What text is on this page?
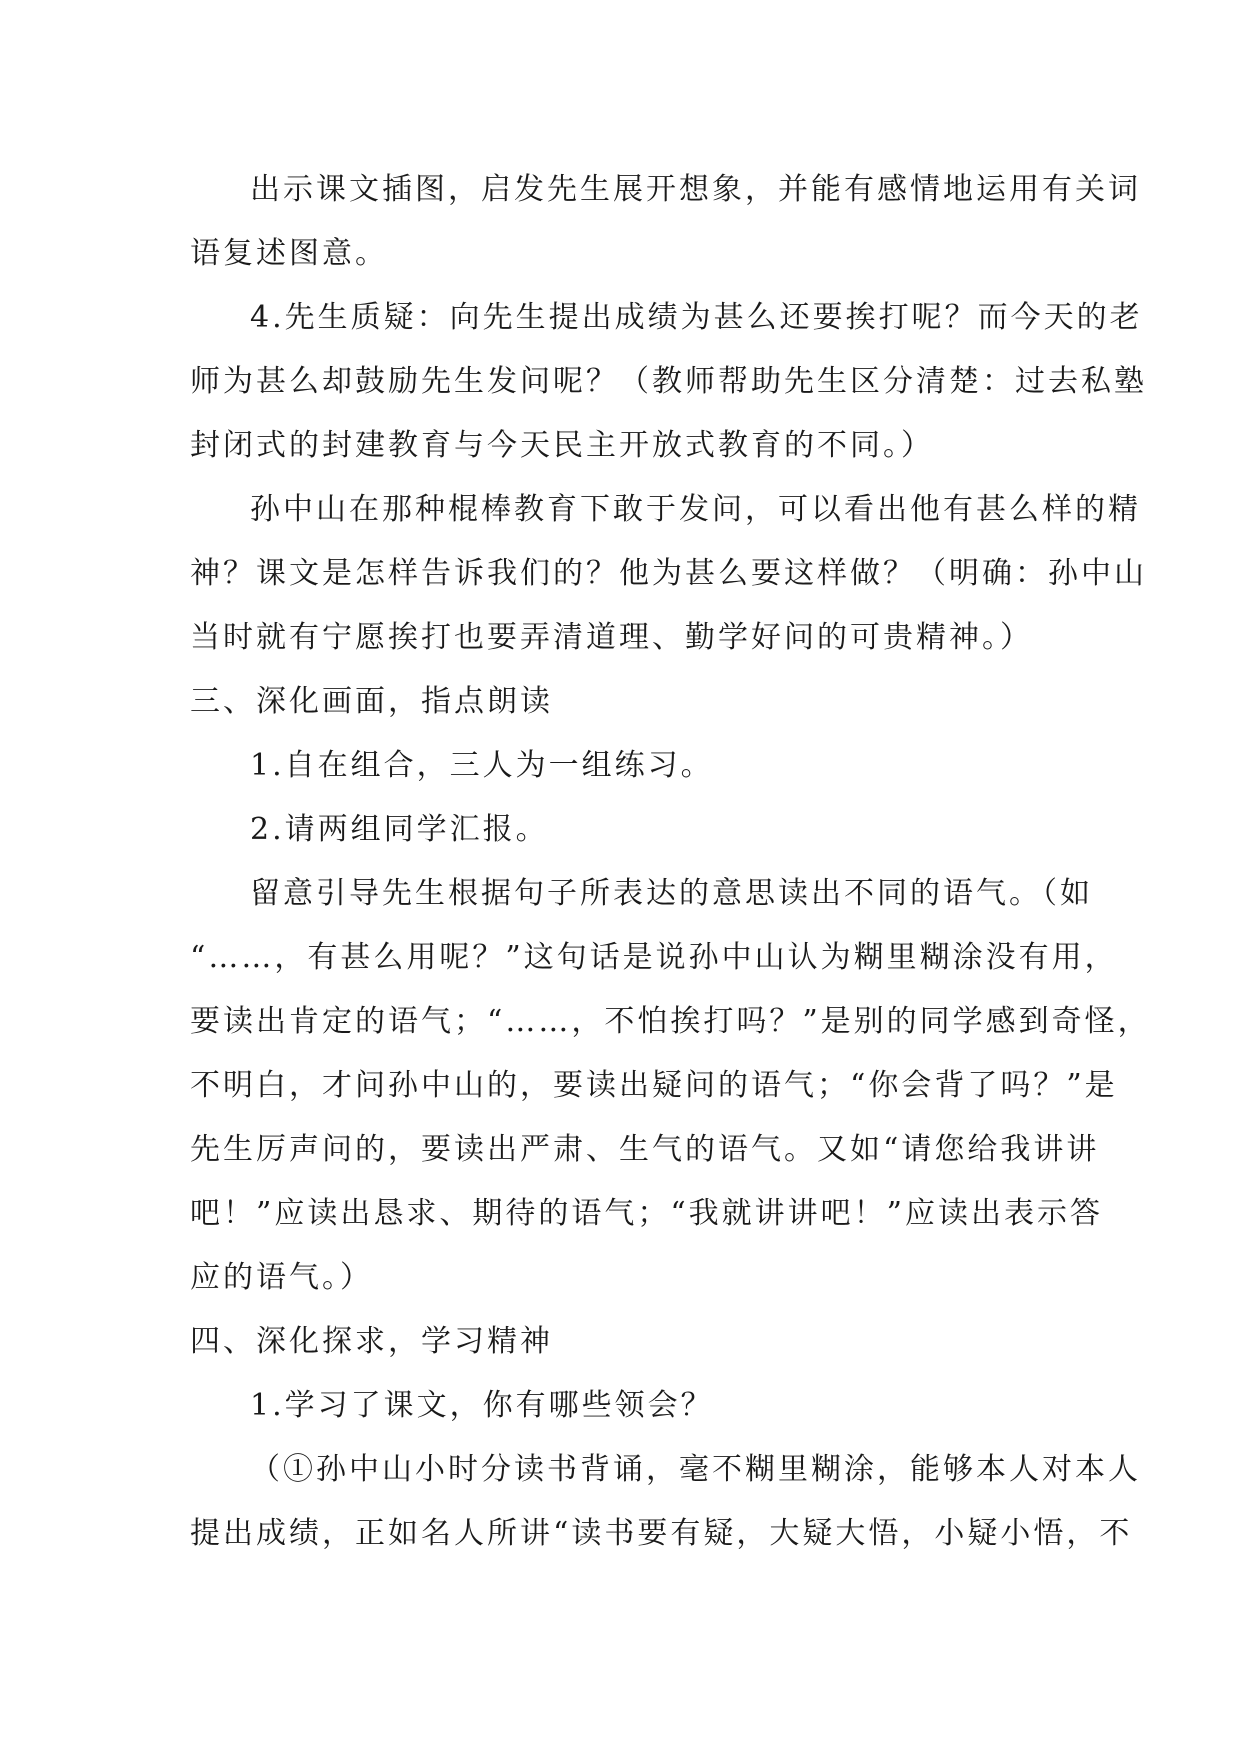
出示课文插图，启发先生展开想象，并能有感情地运用有关词
语复述图意。
4.先生质疑：向先生提出成绩为甚么还要挨打呢？而今天的老
师为甚么却鼓励先生发问呢？（教师帮助先生区分清楚：过去私塾
封闭式的封建教育与今天民主开放式教育的不同。）
孙中山在那种棍棒教育下敢于发问，可以看出他有甚么样的精
神？课文是怎样告诉我们的？他为甚么要这样做？（明确：孙中山
当时就有宁愿挨打也要弄清道理、勤学好问的可贵精神。）
三、深化画面，指点朗读
1.自在组合，三人为一组练习。
2.请两组同学汇报。
留意引导先生根据句子所表达的意思读出不同的语气。（如
“……，有甚么用呢？”这句话是说孙中山认为糊里糊涂没有用，
要读出肯定的语气；“……，不怕挨打吗？”是别的同学感到奇怪，
不明白，才问孙中山的，要读出疑问的语气；“你会背了吗？”是
先生厉声问的，要读出严肃、生气的语气。又如“请您给我讲讲
吧！”应读出恳求、期待的语气；“我就讲讲吧！”应读出表示答
应的语气。）
四、深化探求，学习精神
1.学习了课文，你有哪些领会？
（①孙中山小时分读书背诵，毫不糊里糊涂，能够本人对本人
提出成绩，正如名人所讲“读书要有疑，大疑大悟，小疑小悟，不
